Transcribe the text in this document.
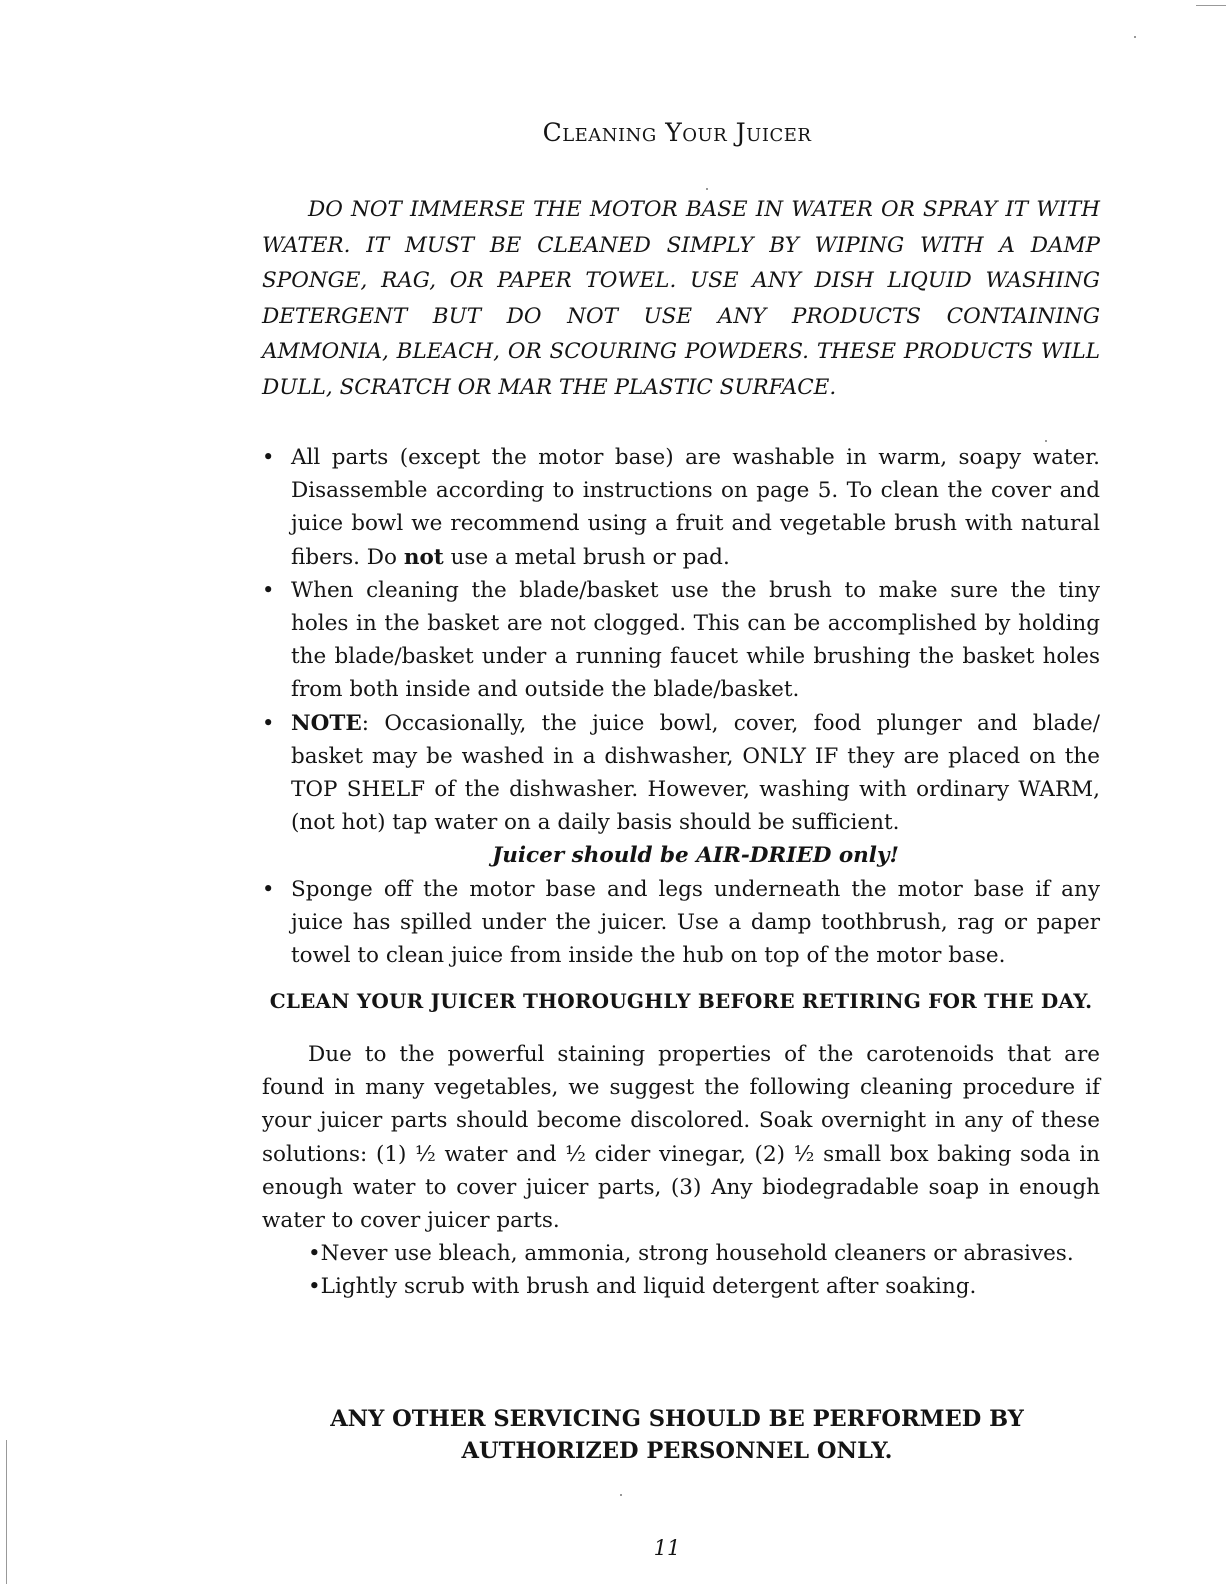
Cleaning Your Juicer

DO NOT IMMERSE THE MOTOR BASE IN WATER OR SPRAY IT WITH WATER. IT MUST BE CLEANED SIMPLY BY WIPING WITH A DAMP SPONGE, RAG, OR PAPER TOWEL. USE ANY DISH LIQUID WASHING DETERGENT BUT DO NOT USE ANY PRODUCTS CONTAINING AMMONIA, BLEACH, OR SCOURING POWDERS. THESE PRODUCTS WILL DULL, SCRATCH OR MAR THE PLASTIC SURFACE.

• All parts (except the motor base) are washable in warm, soapy water. Disassemble according to instructions on page 5. To clean the cover and juice bowl we recommend using a fruit and vegetable brush with natural fibers. Do not use a metal brush or pad.
• When cleaning the blade/basket use the brush to make sure the tiny holes in the basket are not clogged. This can be accomplished by holding the blade/basket under a running faucet while brushing the basket holes from both inside and outside the blade/basket.
• NOTE: Occasionally, the juice bowl, cover, food plunger and blade/ basket may be washed in a dishwasher, ONLY IF they are placed on the TOP SHELF of the dishwasher. However, washing with ordinary WARM, (not hot) tap water on a daily basis should be sufficient.
Juicer should be AIR-DRIED only!
• Sponge off the motor base and legs underneath the motor base if any juice has spilled under the juicer. Use a damp toothbrush, rag or paper towel to clean juice from inside the hub on top of the motor base.
CLEAN YOUR JUICER THOROUGHLY BEFORE RETIRING FOR THE DAY.

Due to the powerful staining properties of the carotenoids that are found in many vegetables, we suggest the following cleaning procedure if your juicer parts should become discolored. Soak overnight in any of these solutions: (1) ½ water and ½ cider vinegar, (2) ½ small box baking soda in enough water to cover juicer parts, (3) Any biodegradable soap in enough water to cover juicer parts.

•Never use bleach, ammonia, strong household cleaners or abrasives.
•Lightly scrub with brush and liquid detergent after soaking.
ANY OTHER SERVICING SHOULD BE PERFORMED BY
AUTHORIZED PERSONNEL ONLY.
11
